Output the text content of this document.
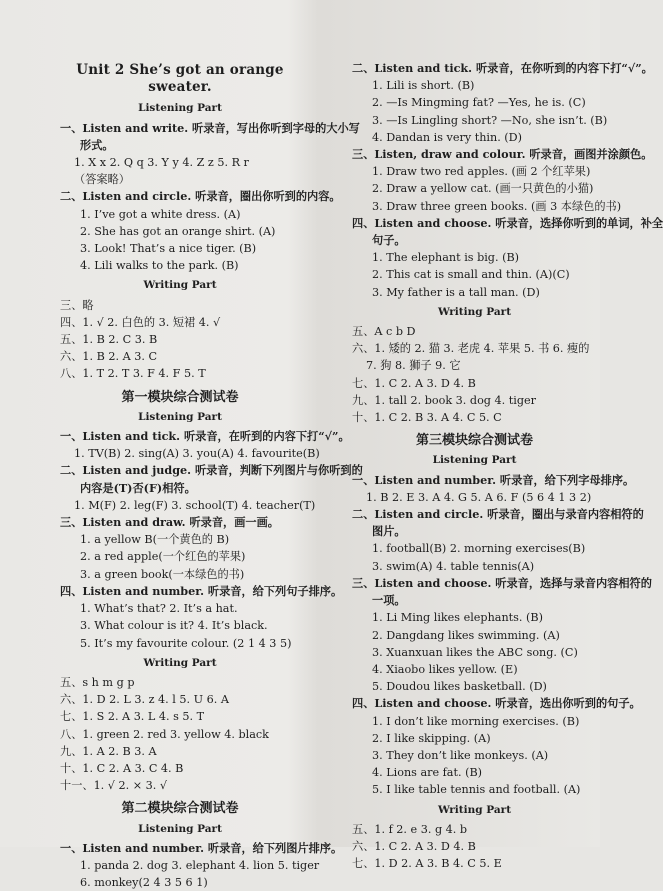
Unit 2 She’s got an orange sweater.
Listening Part
一、Listen and write. 听录音，写出你听到字母的大小写
形式。
1. X x 2. Q q 3. Y y 4. Z z 5. R r
（答案略）
二、Listen and circle. 听录音，圈出你听到的内容。
1. I’ve got a white dress. (A)
2. She has got an orange shirt. (A)
3. Look! That’s a nice tiger. (B)
4. Lili walks to the park. (B)
Writing Part
三、略
四、1. √ 2. 白色的 3. 短裙 4. √
五、1. B 2. C 3. B
六、1. B 2. A 3. C
八、1. T 2. T 3. F 4. F 5. T
第一模块综合测试卷
Listening Part
一、Listen and tick. 听录音，在听到的内容下打“√”。
1. TV(B) 2. sing(A) 3. you(A) 4. favourite(B)
二、Listen and judge. 听录音，判断下列图片与你听到的
内容是(T)否(F)相符。
1. M(F) 2. leg(F) 3. school(T) 4. teacher(T)
三、Listen and draw. 听录音，画一画。
1. a yellow B(一个黄色的 B)
2. a red apple(一个红色的苹果)
3. a green book(一本绿色的书)
四、Listen and number. 听录音，给下列句子排序。
1. What’s that? 2. It’s a hat.
3. What colour is it? 4. It’s black.
5. It’s my favourite colour. (2 1 4 3 5)
Writing Part
五、s h m g p
六、1. D 2. L 3. z 4. l 5. U 6. A
七、1. S 2. A 3. L 4. s 5. T
八、1. green 2. red 3. yellow 4. black
九、1. A 2. B 3. A
十、1. C 2. A 3. C 4. B
十一、1. √ 2. × 3. √
第二模块综合测试卷
Listening Part
一、Listen and number. 听录音，给下列图片排序。
1. panda 2. dog 3. elephant 4. lion 5. tiger
6. monkey(2 4 3 5 6 1)
二、Listen and tick. 听录音，在你听到的内容下打“√”。
1. Lili is short. (B)
2. —Is Mingming fat? —Yes, he is. (C)
3. —Is Lingling short? —No, she isn’t. (B)
4. Dandan is very thin. (D)
三、Listen, draw and colour. 听录音，画图并涂颜色。
1. Draw two red apples. (画 2 个红苹果)
2. Draw a yellow cat. (画一只黄色的小猫)
3. Draw three green books. (画 3 本绿色的书)
四、Listen and choose. 听录音，选择你听到的单词，补全
句子。
1. The elephant is big. (B)
2. This cat is small and thin. (A)(C)
3. My father is a tall man. (D)
Writing Part
五、A c b D
六、1. 矮的 2. 猫 3. 老虎 4. 苹果 5. 书 6. 瘦的
7. 狗 8. 狮子 9. 它
七、1. C 2. A 3. D 4. B
九、1. tall 2. book 3. dog 4. tiger
十、1. C 2. B 3. A 4. C 5. C
第三模块综合测试卷
Listening Part
一、Listen and number. 听录音，给下列字母排序。
1. B 2. E 3. A 4. G 5. A 6. F (5 6 4 1 3 2)
二、Listen and circle. 听录音，圈出与录音内容相符的
图片。
1. football(B) 2. morning exercises(B)
3. swim(A) 4. table tennis(A)
三、Listen and choose. 听录音，选择与录音内容相符的
一项。
1. Li Ming likes elephants. (B)
2. Dangdang likes swimming. (A)
3. Xuanxuan likes the ABC song. (C)
4. Xiaobo likes yellow. (E)
5. Doudou likes basketball. (D)
四、Listen and choose. 听录音，选出你听到的句子。
1. I don’t like morning exercises. (B)
2. I like skipping. (A)
3. They don’t like monkeys. (A)
4. Lions are fat. (B)
5. I like table tennis and football. (A)
Writing Part
五、1. f 2. e 3. g 4. b
六、1. C 2. A 3. D 4. B
七、1. D 2. A 3. B 4. C 5. E
